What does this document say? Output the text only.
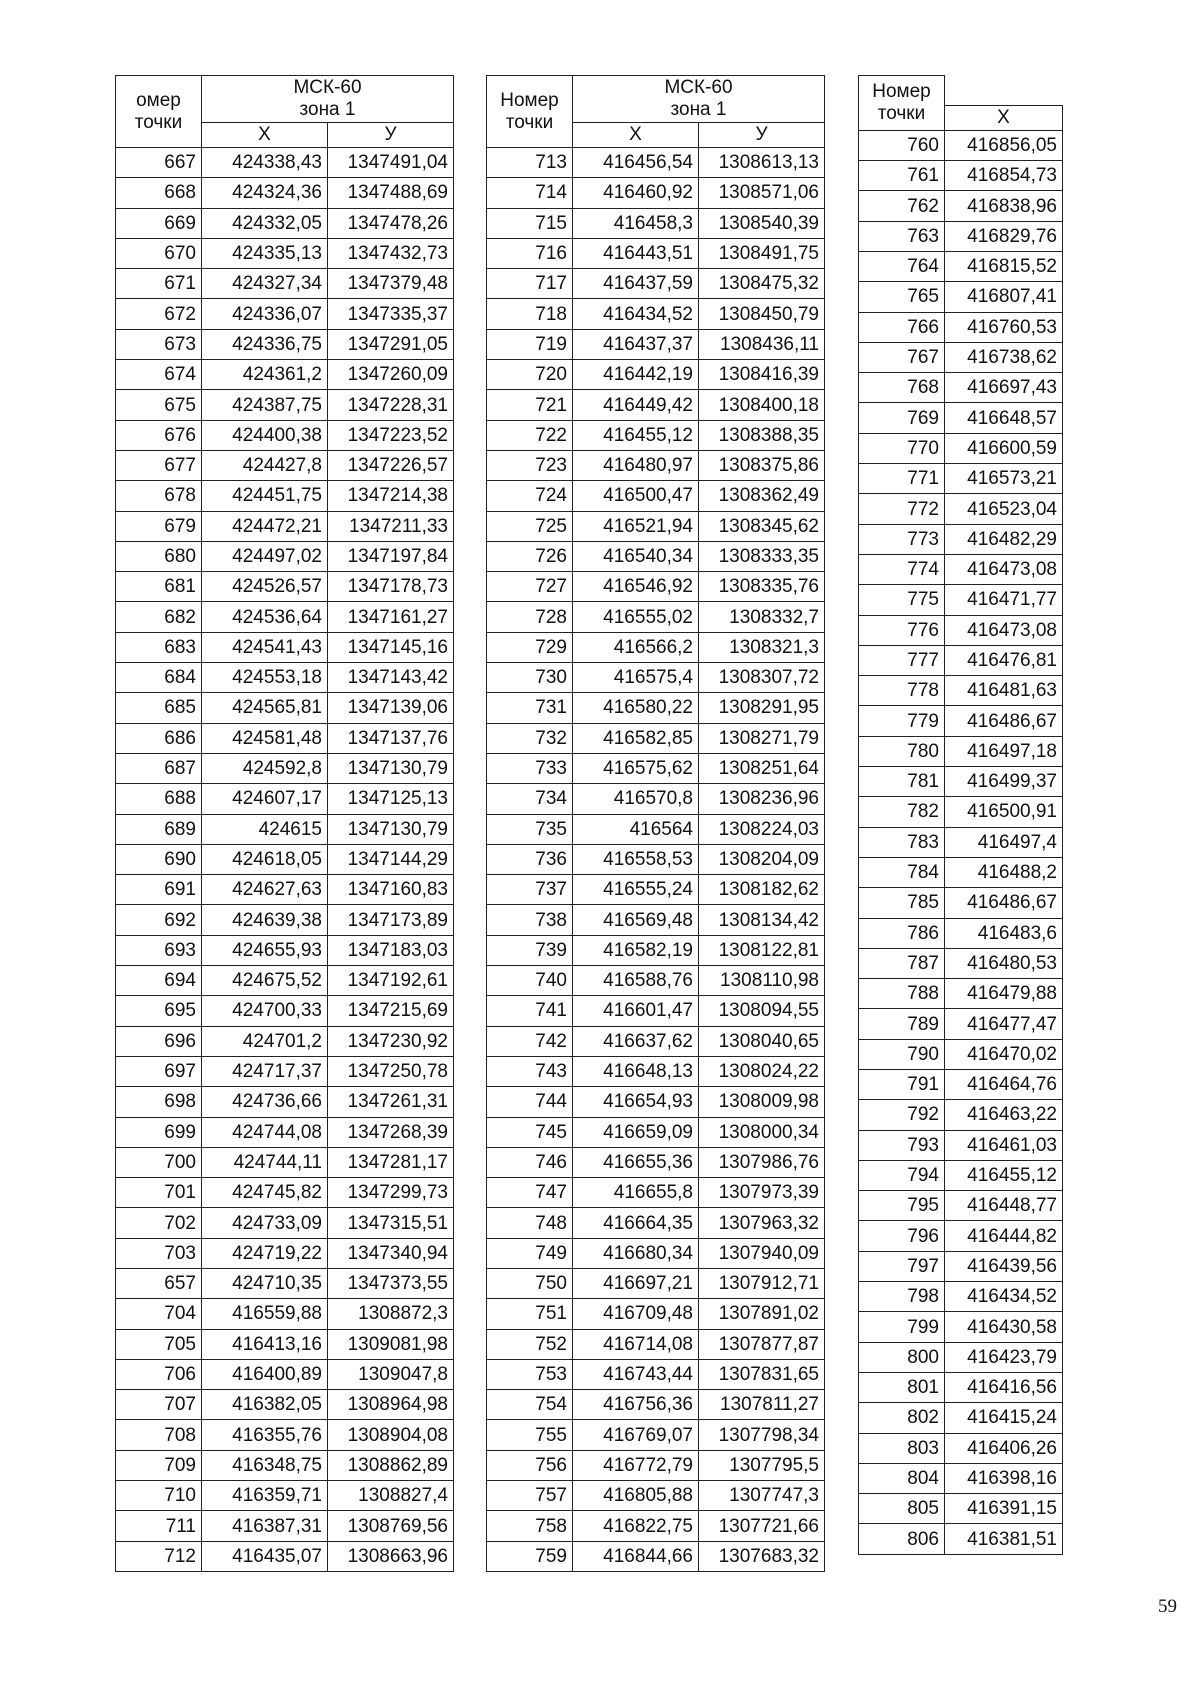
омер
точки	МСК-60
зона 1	
	Х	У
667	424338,43	1347491,04
668	424324,36	1347488,69
669	424332,05	1347478,26
670	424335,13	1347432,73
671	424327,34	1347379,48
672	424336,07	1347335,37
673	424336,75	1347291,05
674	424361,2	1347260,09
675	424387,75	1347228,31
676	424400,38	1347223,52
677	424427,8	1347226,57
678	424451,75	1347214,38
679	424472,21	1347211,33
680	424497,02	1347197,84
681	424526,57	1347178,73
682	424536,64	1347161,27
683	424541,43	1347145,16
684	424553,18	1347143,42
685	424565,81	1347139,06
686	424581,48	1347137,76
687	424592,8	1347130,79
688	424607,17	1347125,13
689	424615	1347130,79
690	424618,05	1347144,29
691	424627,63	1347160,83
692	424639,38	1347173,89
693	424655,93	1347183,03
694	424675,52	1347192,61
695	424700,33	1347215,69
696	424701,2	1347230,92
697	424717,37	1347250,78
698	424736,66	1347261,31
699	424744,08	1347268,39
700	424744,11	1347281,17
701	424745,82	1347299,73
702	424733,09	1347315,51
703	424719,22	1347340,94
657	424710,35	1347373,55
704	416559,88	1308872,3
705	416413,16	1309081,98
706	416400,89	1309047,8
707	416382,05	1308964,98
708	416355,76	1308904,08
709	416348,75	1308862,89
710	416359,71	1308827,4
711	416387,31	1308769,56
712	416435,07	1308663,96
Номер
точки	МСК-60
зона 1	
	Х	У
713	416456,54	1308613,13
714	416460,92	1308571,06
715	416458,3	1308540,39
716	416443,51	1308491,75
717	416437,59	1308475,32
718	416434,52	1308450,79
719	416437,37	1308436,11
720	416442,19	1308416,39
721	416449,42	1308400,18
722	416455,12	1308388,35
723	416480,97	1308375,86
724	416500,47	1308362,49
725	416521,94	1308345,62
726	416540,34	1308333,35
727	416546,92	1308335,76
728	416555,02	1308332,7
729	416566,2	1308321,3
730	416575,4	1308307,72
731	416580,22	1308291,95
732	416582,85	1308271,79
733	416575,62	1308251,64
734	416570,8	1308236,96
735	416564	1308224,03
736	416558,53	1308204,09
737	416555,24	1308182,62
738	416569,48	1308134,42
739	416582,19	1308122,81
740	416588,76	1308110,98
741	416601,47	1308094,55
742	416637,62	1308040,65
743	416648,13	1308024,22
744	416654,93	1308009,98
745	416659,09	1308000,34
746	416655,36	1307986,76
747	416655,8	1307973,39
748	416664,35	1307963,32
749	416680,34	1307940,09
750	416697,21	1307912,71
751	416709,48	1307891,02
752	416714,08	1307877,87
753	416743,44	1307831,65
754	416756,36	1307811,27
755	416769,07	1307798,34
756	416772,79	1307795,5
757	416805,88	1307747,3
758	416822,75	1307721,66
759	416844,66	1307683,32
Номер
точки	
	Х
760	416856,05
761	416854,73
762	416838,96
763	416829,76
764	416815,52
765	416807,41
766	416760,53
767	416738,62
768	416697,43
769	416648,57
770	416600,59
771	416573,21
772	416523,04
773	416482,29
774	416473,08
775	416471,77
776	416473,08
777	416476,81
778	416481,63
779	416486,67
780	416497,18
781	416499,37
782	416500,91
783	416497,4
784	416488,2
785	416486,67
786	416483,6
787	416480,53
788	416479,88
789	416477,47
790	416470,02
791	416464,76
792	416463,22
793	416461,03
794	416455,12
795	416448,77
796	416444,82
797	416439,56
798	416434,52
799	416430,58
800	416423,79
801	416416,56
802	416415,24
803	416406,26
804	416398,16
805	416391,15
806	416381,51
59
